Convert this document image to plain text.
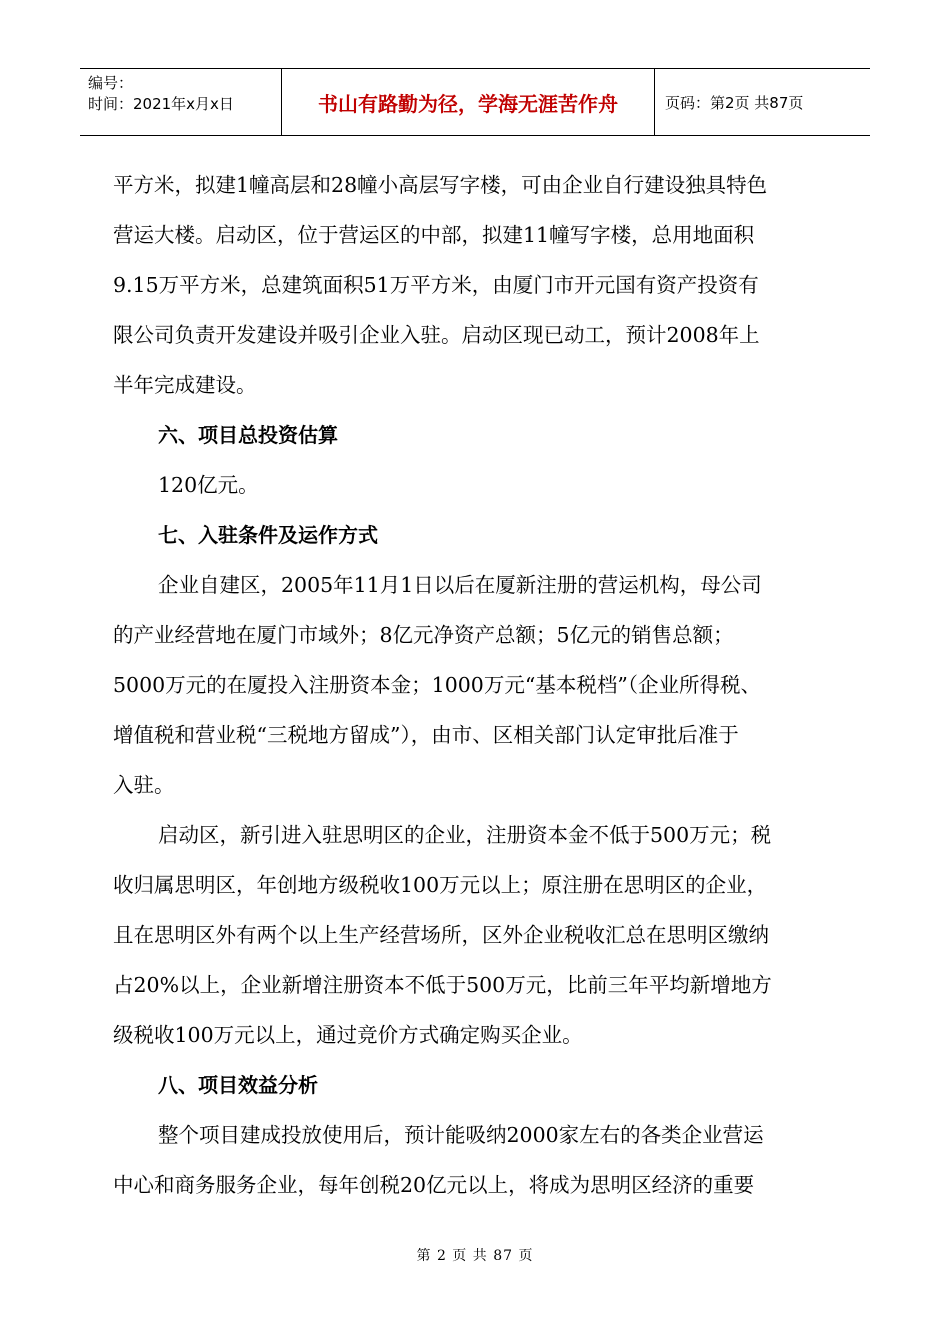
编号：
时间：2021年x月x日	书山有路勤为径，学海无涯苦作舟	页码：第2页 共87页

平方米，拟建1幢高层和28幢小高层写字楼，可由企业自行建设独具特色

营运大楼。启动区，位于营运区的中部，拟建11幢写字楼，总用地面积

9.15万平方米，总建筑面积51万平方米，由厦门市开元国有资产投资有

限公司负责开发建设并吸引企业入驻。启动区现已动工，预计2008年上

半年完成建设。

六、项目总投资估算

120亿元。

七、入驻条件及运作方式

企业自建区，2005年11月1日以后在厦新注册的营运机构，母公司

的产业经营地在厦门市域外；8亿元净资产总额；5亿元的销售总额；

5000万元的在厦投入注册资本金；1000万元“基本税档”（企业所得税、

增值税和营业税“三税地方留成”），由市、区相关部门认定审批后准于

入驻。

启动区，新引进入驻思明区的企业，注册资本金不低于500万元；税

收归属思明区，年创地方级税收100万元以上；原注册在思明区的企业，

且在思明区外有两个以上生产经营场所，区外企业税收汇总在思明区缴纳

占20%以上，企业新增注册资本不低于500万元，比前三年平均新增地方

级税收100万元以上，通过竞价方式确定购买企业。

八、项目效益分析

整个项目建成投放使用后，预计能吸纳2000家左右的各类企业营运

中心和商务服务企业，每年创税20亿元以上，将成为思明区经济的重要

第 2 页 共 87 页
